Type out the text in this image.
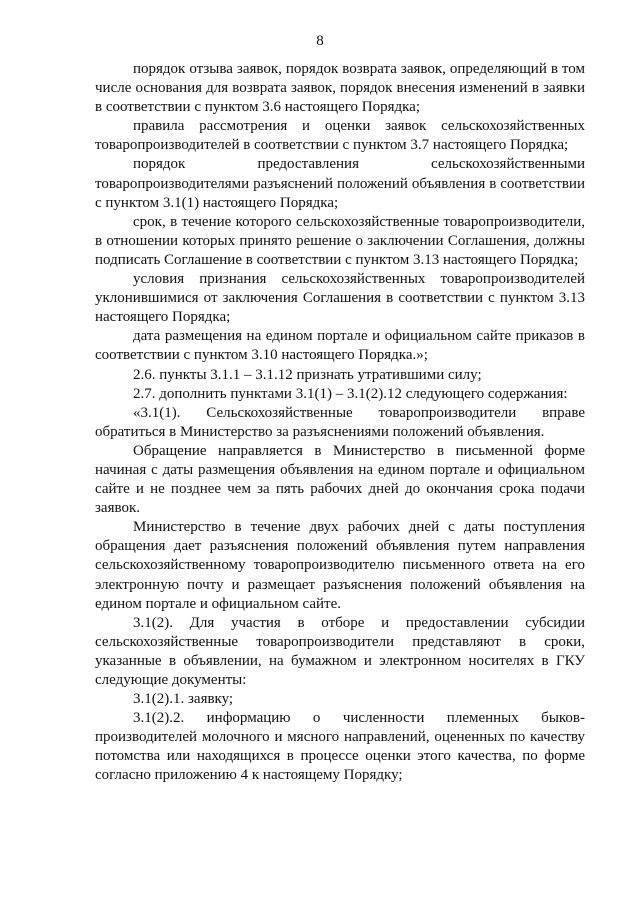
8

порядок отзыва заявок, порядок возврата заявок, определяющий в том числе основания для возврата заявок, порядок внесения изменений в заявки в соответствии с пунктом 3.6 настоящего Порядка;

правила рассмотрения и оценки заявок сельскохозяйственных товаропроизводителей в соответствии с пунктом 3.7 настоящего Порядка;

порядок предоставления сельскохозяйственными товаропроизводителями разъяснений положений объявления в соответствии с пунктом 3.1(1) настоящего Порядка;

срок, в течение которого сельскохозяйственные товаропроизводители, в отношении которых принято решение о заключении Соглашения, должны подписать Соглашение в соответствии с пунктом 3.13 настоящего Порядка;

условия признания сельскохозяйственных товаропроизводителей уклонившимися от заключения Соглашения в соответствии с пунктом 3.13 настоящего Порядка;

дата размещения на едином портале и официальном сайте приказов в соответствии с пунктом 3.10 настоящего Порядка.»;

2.6. пункты 3.1.1 – 3.1.12 признать утратившими силу;

2.7. дополнить пунктами 3.1(1) – 3.1(2).12 следующего содержания:

«3.1(1). Сельскохозяйственные товаропроизводители вправе обратиться в Министерство за разъяснениями положений объявления.

Обращение направляется в Министерство в письменной форме начиная с даты размещения объявления на едином портале и официальном сайте и не позднее чем за пять рабочих дней до окончания срока подачи заявок.

Министерство в течение двух рабочих дней с даты поступления обращения дает разъяснения положений объявления путем направления сельскохозяйственному товаропроизводителю письменного ответа на его электронную почту и размещает разъяснения положений объявления на едином портале и официальном сайте.

3.1(2). Для участия в отборе и предоставлении субсидии сельскохозяйственные товаропроизводители представляют в сроки, указанные в объявлении, на бумажном и электронном носителях в ГКУ следующие документы:

3.1(2).1. заявку;

3.1(2).2. информацию о численности племенных быков-производителей молочного и мясного направлений, оцененных по качеству потомства или находящихся в процессе оценки этого качества, по форме согласно приложению 4 к настоящему Порядку;
